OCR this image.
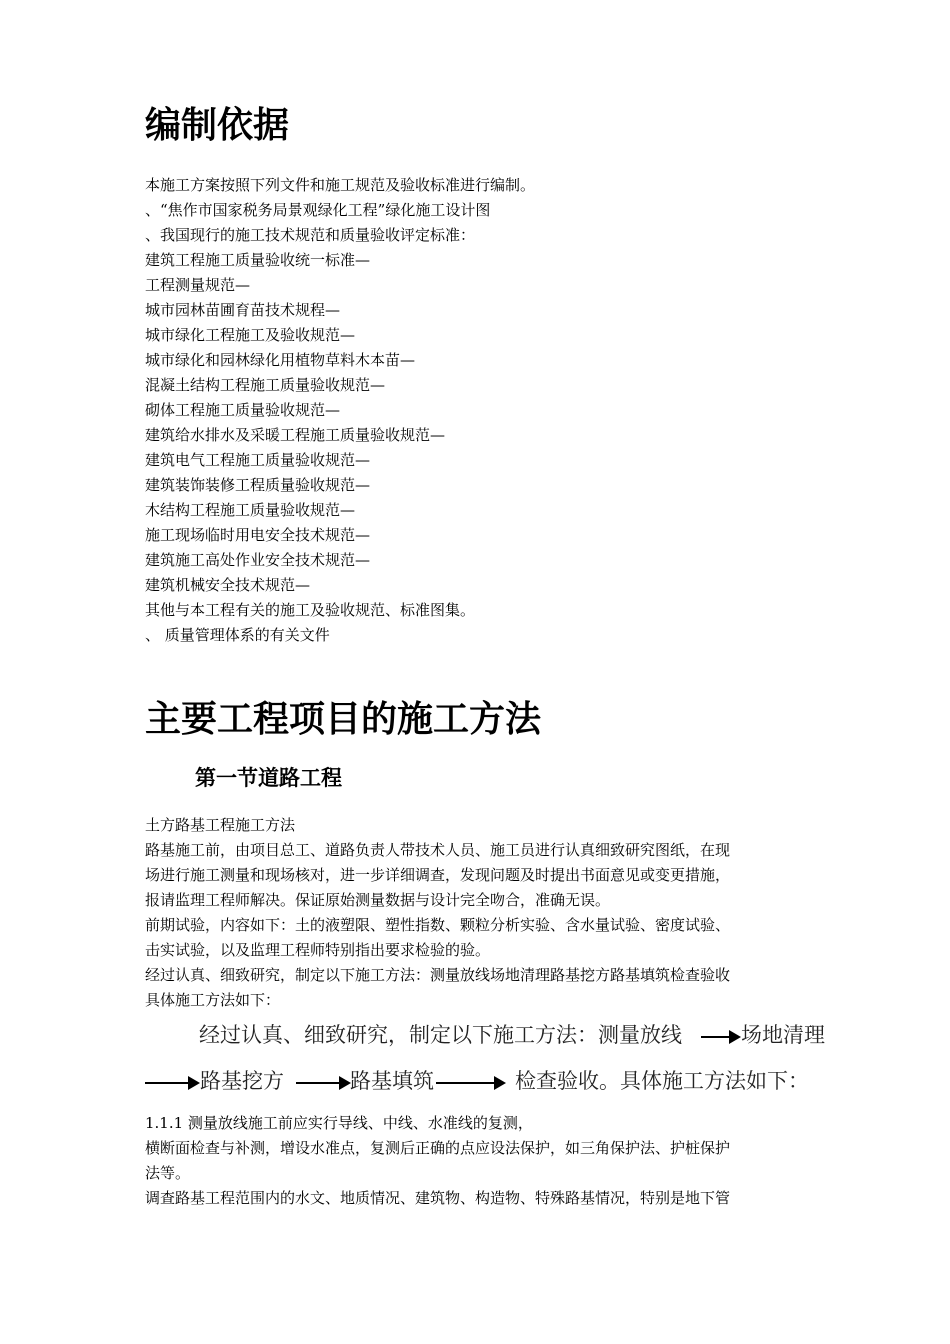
编制依据
本施工方案按照下列文件和施工规范及验收标准进行编制。
、“焦作市国家税务局景观绿化工程”绿化施工设计图
、我国现行的施工技术规范和质量验收评定标准：
建筑工程施工质量验收统一标准—
工程测量规范—
城市园林苗圃育苗技术规程—
城市绿化工程施工及验收规范—
城市绿化和园林绿化用植物草料木本苗—
混凝土结构工程施工质量验收规范—
砌体工程施工质量验收规范—
建筑给水排水及采暖工程施工质量验收规范—
建筑电气工程施工质量验收规范—
建筑装饰装修工程质量验收规范—
木结构工程施工质量验收规范—
施工现场临时用电安全技术规范—
建筑施工高处作业安全技术规范—
建筑机械安全技术规范—
其他与本工程有关的施工及验收规范、标准图集。
、 质量管理体系的有关文件
主要工程项目的施工方法
第一节道路工程
土方路基工程施工方法
路基施工前，由项目总工、道路负责人带技术人员、施工员进行认真细致研究图纸，在现
场进行施工测量和现场核对，进一步详细调查，发现问题及时提出书面意见或变更措施，
报请监理工程师解决。保证原始测量数据与设计完全吻合，准确无误。
前期试验，内容如下：土的液塑限、塑性指数、颗粒分析实验、含水量试验、密度试验、
击实试验，以及监理工程师特别指出要求检验的验。
经过认真、细致研究，制定以下施工方法：测量放线场地清理路基挖方路基填筑检查验收
具体施工方法如下：
经过认真、细致研究，制定以下施工方法：测量放线	场地清理
路基挖方	路基填筑	检查验收。具体施工方法如下：
1.1.1 测量放线施工前应实行导线、中线、水准线的复测，
横断面检查与补测，增设水准点，复测后正确的点应设法保护，如三角保护法、护桩保护
法等。
调查路基工程范围内的水文、地质情况、建筑物、构造物、特殊路基情况，特别是地下管
